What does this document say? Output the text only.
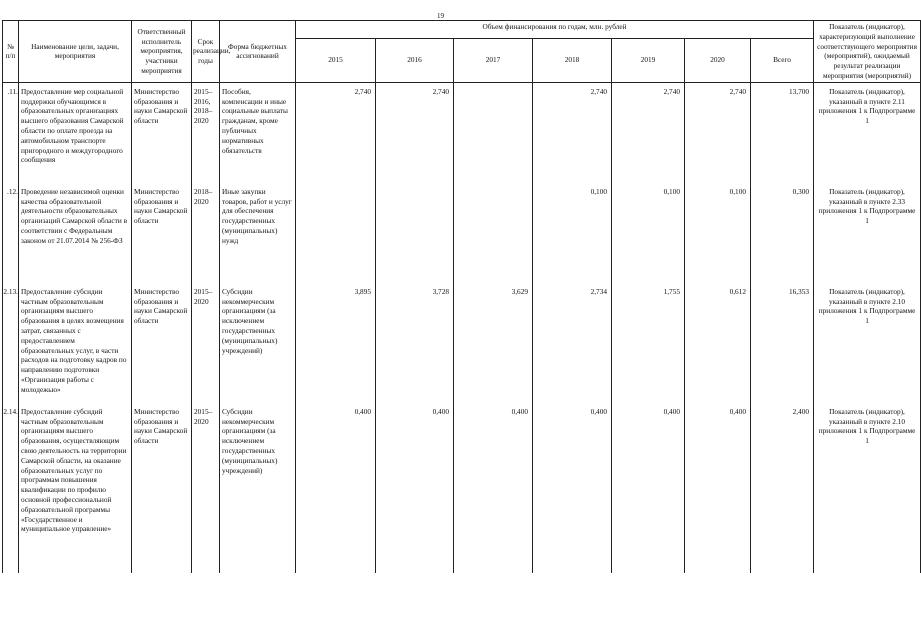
19
№ п/п	Наименование цели, задачи, мероприятия	Ответственный исполнитель мероприятия, участники мероприятия	Срок реализации, годы	Форма бюджетных ассигнований	Объем финансирования по годам, млн. рублей							Показатель (индикатор), характеризующий выполнение соответствующего мероприятия (мероприятий), ожидаемый результат реализации мероприятия (мероприятий)
					2015	2016	2017	2018	2019	2020	Всего	
.11.	Предоставление мер социальной поддержки обучающимся в образовательных организациях высшего образования Самарской области по оплате проезда на автомобильном транспорте пригородного и междугородного сообщения	Министерство образования и науки Самарской области	2015–2016, 2018–2020	Пособия, компенсации и иные социальные выплаты гражданам, кроме публичных нормативных обязательств	2,740	2,740		2,740	2,740	2,740	13,700	Показатель (индикатор), указанный в пункте 2.11 приложения 1 к Подпрограмме 1
.12.	Проведение независимой оценки качества образовательной деятельности образовательных организаций Самарской области в соответствии с Федеральным законом от 21.07.2014 № 256-ФЗ	Министерство образования и науки Самарской области	2018–2020	Иные закупки товаров, работ и услуг для обеспечения государственных (муниципальных) нужд				0,100	0,100	0,100	0,300	Показатель (индикатор), указанный в пункте 2.33 приложения 1 к Подпрограмме 1
2.13.	Предоставление субсидии частным образовательным организациям высшего образования в целях возмещения затрат, связанных с предоставлением образовательных услуг, в части расходов на подготовку кадров по направлению подготовки «Организация работы с молодежью»	Министерство образования и науки Самарской области	2015–2020	Субсидии некоммерческим организациям (за исключением государственных (муниципальных) учреждений)	3,895	3,728	3,629	2,734	1,755	0,612	16,353	Показатель (индикатор), указанный в пункте 2.10 приложения 1 к Подпрограмме 1
2.14.	Предоставление субсидий частным образовательным организациям высшего образования, осуществляющим свою деятельность на территории Самарской области, на оказание образовательных услуг по программам повышения квалификации по профилю основной профессиональной образовательной программы «Государственное и муниципальное управление»	Министерство образования и науки Самарской области	2015–2020	Субсидии некоммерческим организациям (за исключением государственных (муниципальных) учреждений)	0,400	0,400	0,400	0,400	0,400	0,400	2,400	Показатель (индикатор), указанный в пункте 2.10 приложения 1 к Подпрограмме 1
